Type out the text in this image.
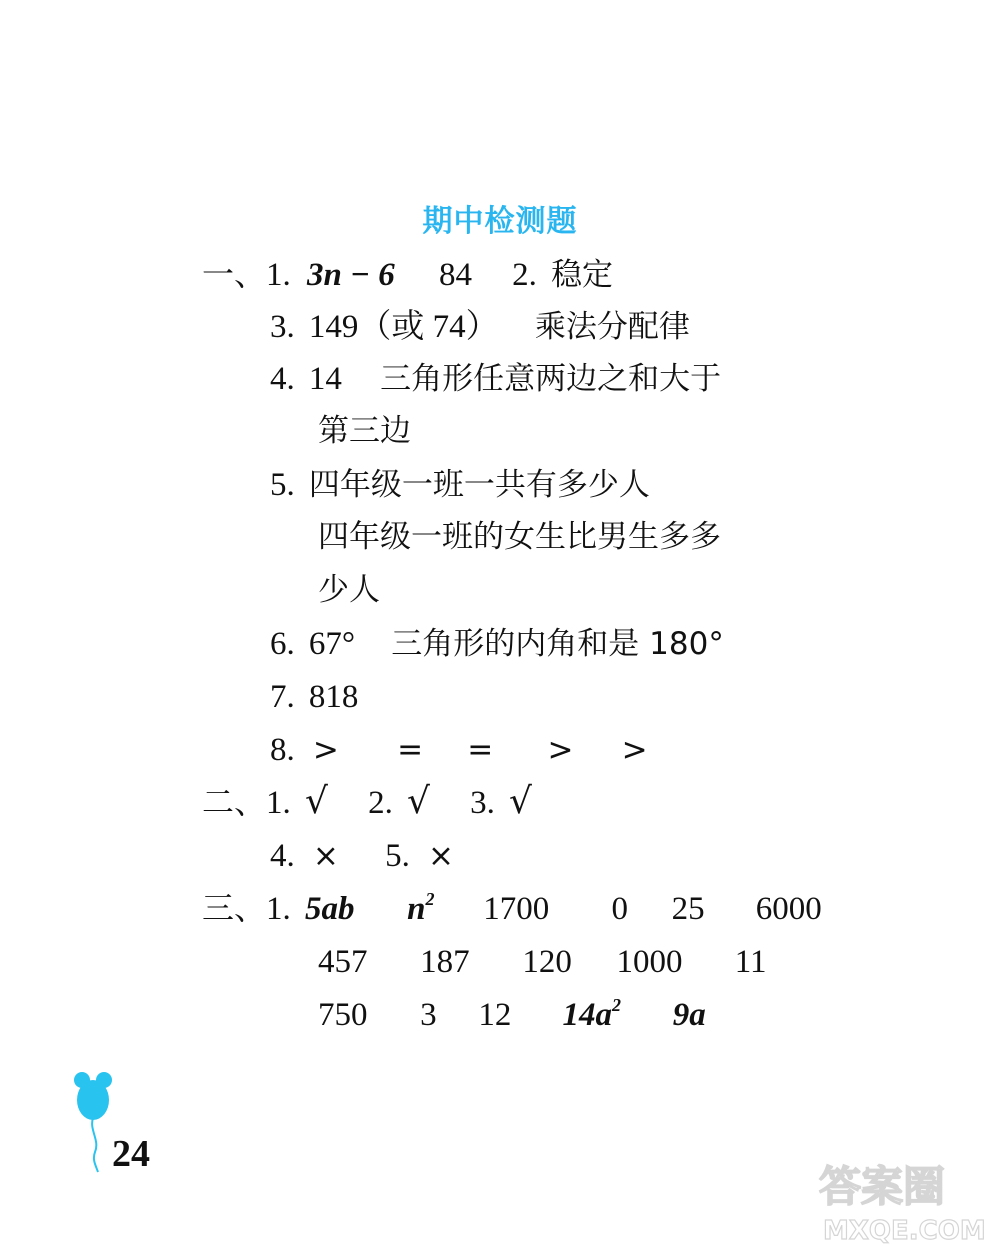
期中检测题
一、1. 3n − 6 84 2. 稳定
3. 149（或 74） 乘法分配律
4. 14 三角形任意两边之和大于
第三边
5. 四年级一班一共有多少人
四年级一班的女生比男生多多
少人
6. 67° 三角形的内角和是 180°
7. 818
8. > = = > >
二、1. √ 2. √ 3. √
4. × 5. ×
三、1. 5ab $n^2$ 1700 0 25 6000
457 187 120 1000 11
750 3 12 $14a^2$ 9a
24
答案圈
MXQE.COM
